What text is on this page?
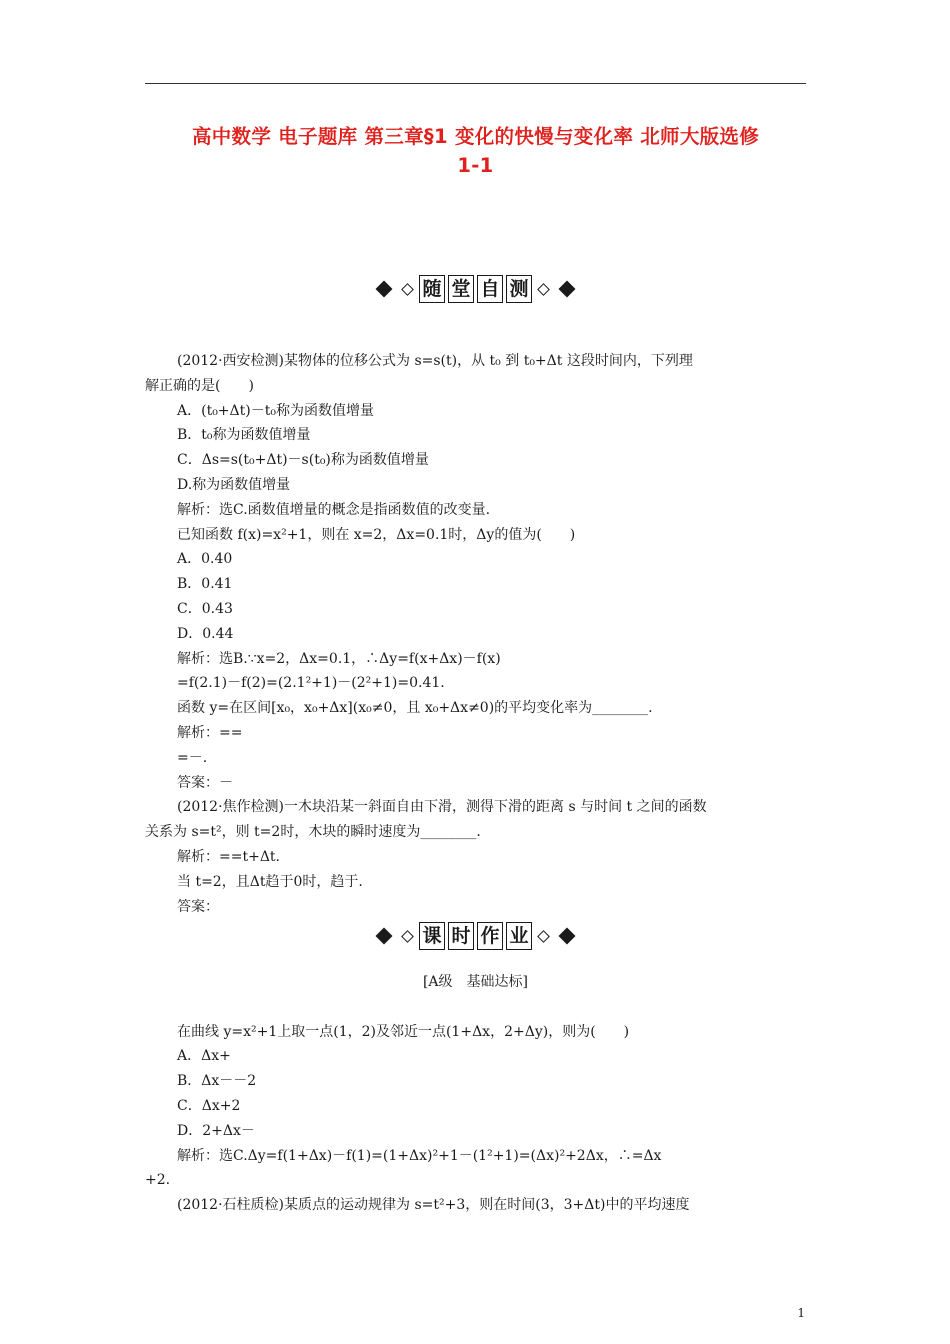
高中数学 电子题库 第三章§1 变化的快慢与变化率 北师大版选修
1-1
随 堂 自 测

(2012·西安检测)某物体的位移公式为 s=s(t)，从 t₀ 到 t₀+Δt 这段时间内，下列理

解正确的是(　　)

A．(t₀+Δt)－t₀称为函数值增量

B．t₀称为函数值增量

C．Δs=s(t₀+Δt)－s(t₀)称为函数值增量

D.称为函数值增量

解析：选C.函数值增量的概念是指函数值的改变量.

已知函数 f(x)=x²+1，则在 x=2，Δx=0.1时，Δy的值为(　　)

A．0.40

B．0.41

C．0.43

D．0.44

解析：选B.∵x=2，Δx=0.1，∴Δy=f(x+Δx)－f(x)

=f(2.1)－f(2)=(2.1²+1)－(2²+1)=0.41.

函数 y=在区间[x₀，x₀+Δx](x₀≠0，且 x₀+Δx≠0)的平均变化率为________.

解析：==

=－.

答案：－

(2012·焦作检测)一木块沿某一斜面自由下滑，测得下滑的距离 s 与时间 t 之间的函数

关系为 s=t²，则 t=2时，木块的瞬时速度为________.

解析：==t+Δt.

当 t=2，且Δt趋于0时，趋于.

答案：

课 时 作 业

[A级　基础达标]

在曲线 y=x²+1上取一点(1，2)及邻近一点(1+Δx，2+Δy)，则为(　　)

A．Δx+

B．Δx－－2

C．Δx+2

D．2+Δx－

解析：选C.Δy=f(1+Δx)－f(1)=(1+Δx)²+1－(1²+1)=(Δx)²+2Δx，∴=Δx

+2.

(2012·石柱质检)某质点的运动规律为 s=t²+3，则在时间(3，3+Δt)中的平均速度

1
